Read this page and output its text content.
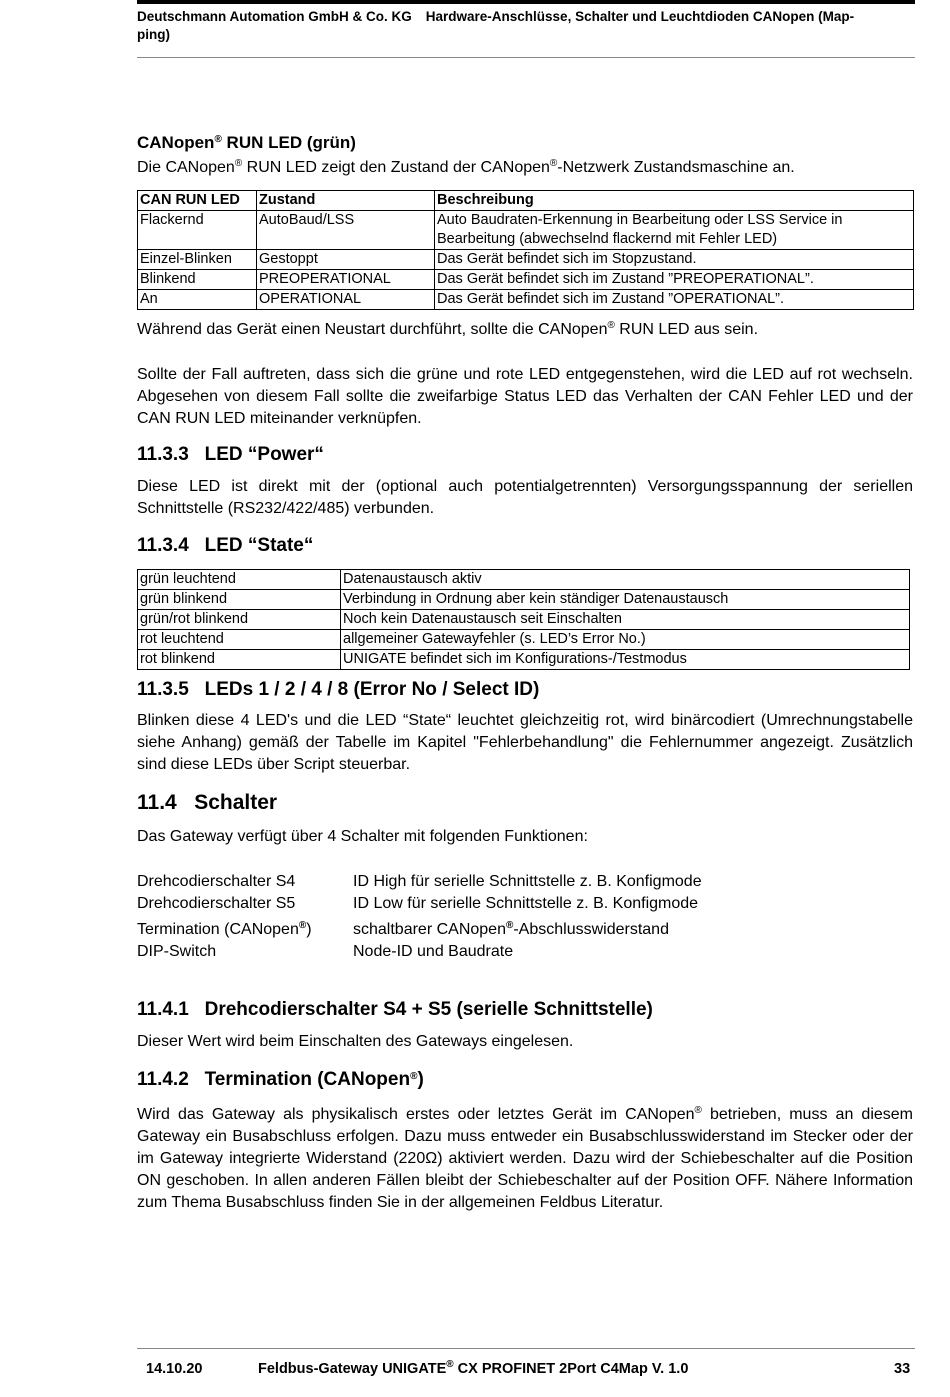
Deutschmann Automation GmbH & Co. KG Hardware-Anschlüsse, Schalter und Leuchtdioden CANopen (Map-
ping)
CANopen® RUN LED (grün)
Die CANopen® RUN LED zeigt den Zustand der CANopen®-Netzwerk Zustandsmaschine an.
CAN RUN LED	Zustand	Beschreibung
Flackernd	AutoBaud/LSS	Auto Baudraten-Erkennung in Bearbeitung oder LSS Service in Bearbeitung (abwechselnd flackernd mit Fehler LED)
Einzel-Blinken	Gestoppt	Das Gerät befindet sich im Stopzustand.
Blinkend	PREOPERATIONAL	Das Gerät befindet sich im Zustand ”PREOPERATIONAL”.
An	OPERATIONAL	Das Gerät befindet sich im Zustand ”OPERATIONAL”.
Während das Gerät einen Neustart durchführt, sollte die CANopen® RUN LED aus sein.
Sollte der Fall auftreten, dass sich die grüne und rote LED entgegenstehen, wird die LED auf rot wechseln. Abgesehen von diesem Fall sollte die zweifarbige Status LED das Verhalten der CAN Fehler LED und der CAN RUN LED miteinander verknüpfen.
11.3.3   LED “Power“
Diese LED ist direkt mit der (optional auch potentialgetrennten) Versorgungsspannung der seriellen Schnittstelle (RS232/422/485) verbunden.
11.3.4   LED “State“
grün leuchtend	Datenaustausch aktiv
grün blinkend	Verbindung in Ordnung aber kein ständiger Datenaustausch
grün/rot blinkend	Noch kein Datenaustausch seit Einschalten
rot leuchtend	allgemeiner Gatewayfehler (s. LED’s Error No.)
rot blinkend	UNIGATE befindet sich im Konfigurations-/Testmodus
11.3.5   LEDs 1 / 2 / 4 / 8 (Error No / Select ID)
Blinken diese 4 LED's und die LED “State“ leuchtet gleichzeitig rot, wird binärcodiert (Umrechnungstabelle siehe Anhang) gemäß der Tabelle im Kapitel "Fehlerbehandlung" die Fehlernummer angezeigt. Zusätzlich sind diese LEDs über Script steuerbar.
11.4   Schalter
Das Gateway verfügt über 4 Schalter mit folgenden Funktionen:
Drehcodierschalter S4	ID High für serielle Schnittstelle z. B. Konfigmode
Drehcodierschalter S5	ID Low für serielle Schnittstelle z. B. Konfigmode
Termination (CANopen®)	schaltbarer CANopen®-Abschlusswiderstand
DIP-Switch	Node-ID und Baudrate
11.4.1   Drehcodierschalter S4 + S5 (serielle Schnittstelle)
Dieser Wert wird beim Einschalten des Gateways eingelesen.
11.4.2   Termination (CANopen®)
Wird das Gateway als physikalisch erstes oder letztes Gerät im CANopen® betrieben, muss an diesem Gateway ein Busabschluss erfolgen. Dazu muss entweder ein Busabschlusswiderstand im Stecker oder der im Gateway integrierte Widerstand (220Ω) aktiviert werden. Dazu wird der Schiebeschalter auf die Position ON geschoben. In allen anderen Fällen bleibt der Schiebeschalter auf der Position OFF. Nähere Information zum Thema Busabschluss finden Sie in der allgemeinen Feldbus Literatur.
14.10.20	Feldbus-Gateway UNIGATE® CX PROFINET 2Port C4Map V. 1.0	33
